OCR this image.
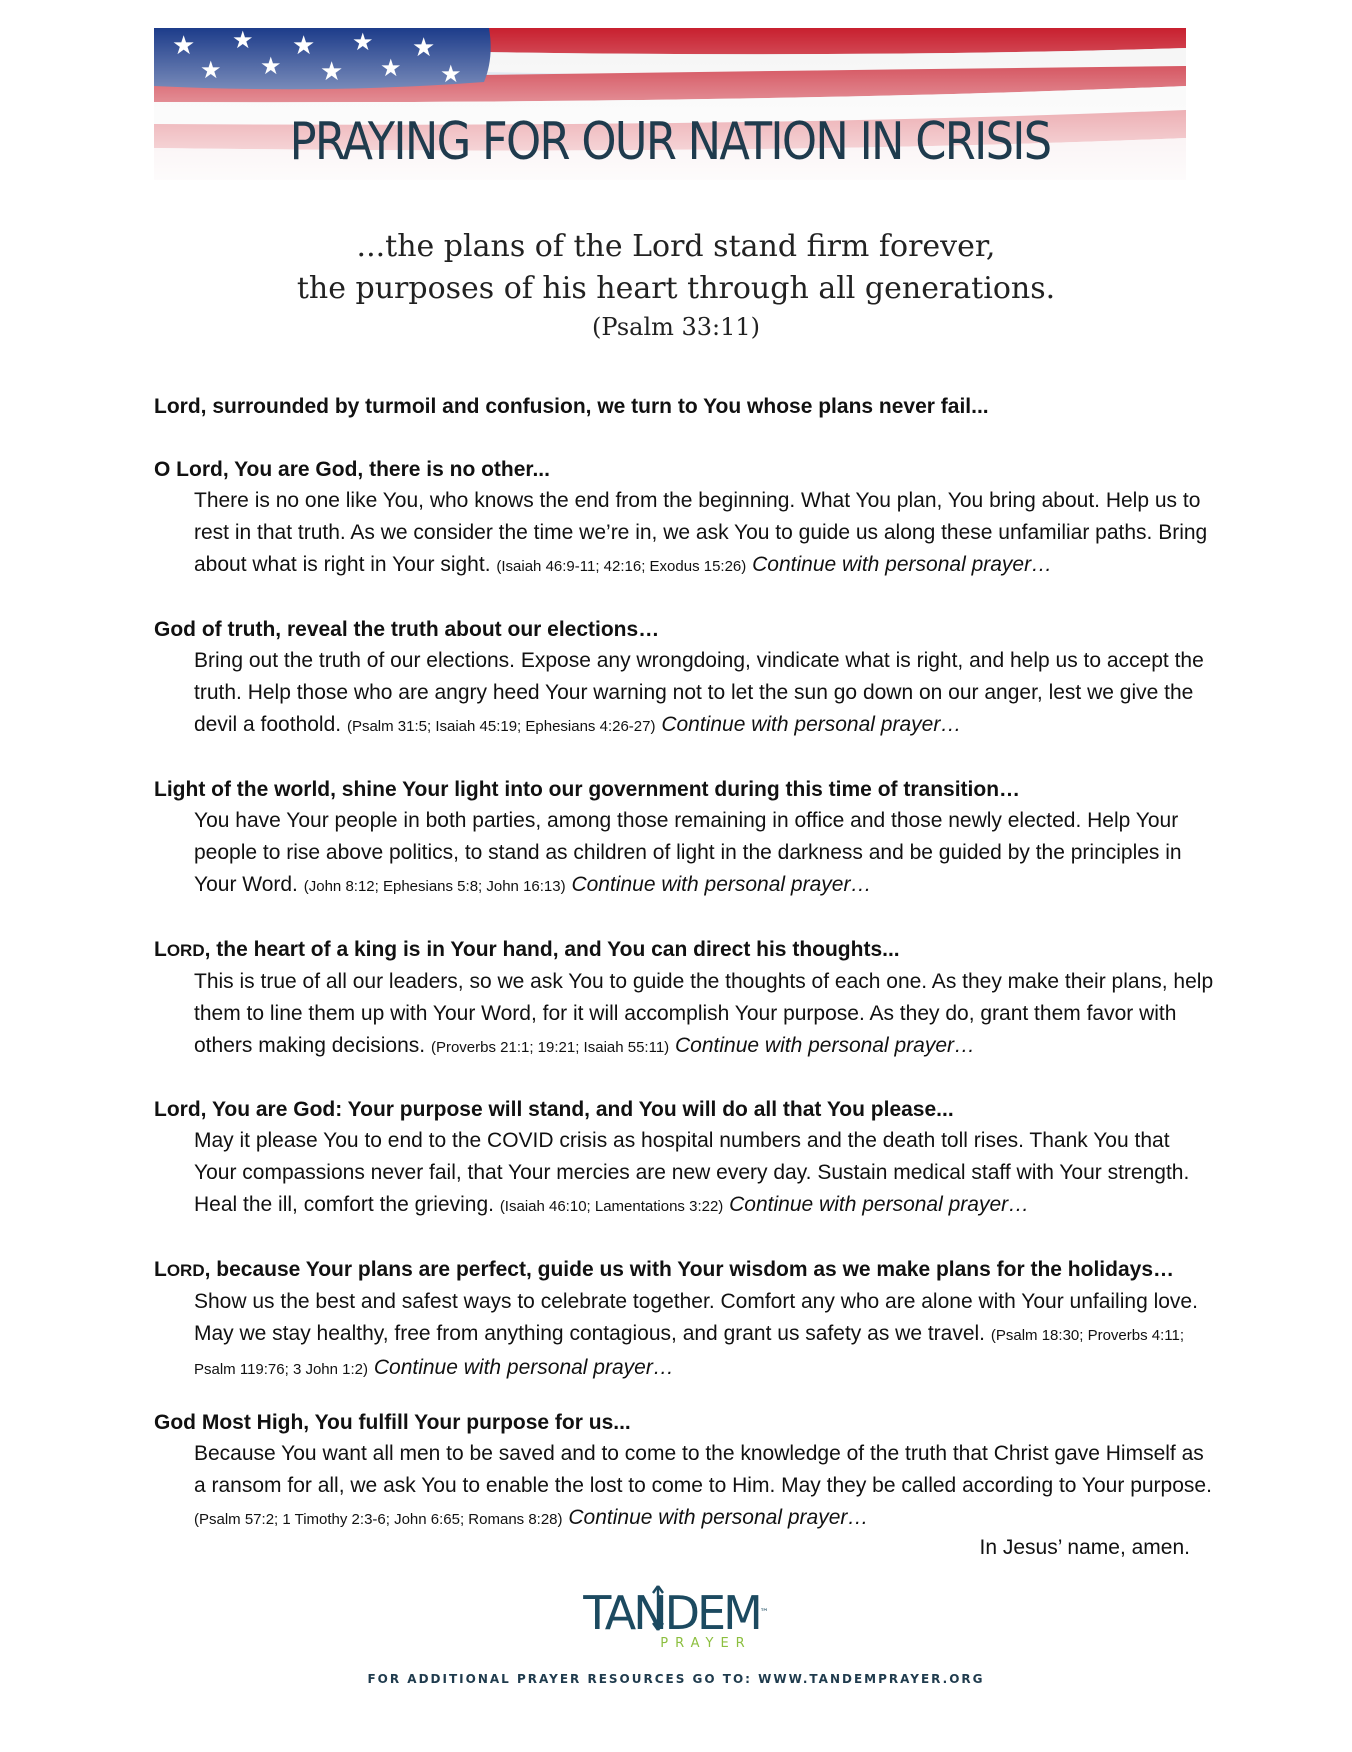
PRAYING FOR OUR NATION IN CRISIS
...the plans of the Lord stand firm forever,
the purposes of his heart through all generations.
(Psalm 33:11)
Lord, surrounded by turmoil and confusion, we turn to You whose plans never fail...
O Lord, You are God, there is no other...
There is no one like You, who knows the end from the beginning. What You plan, You bring about. Help us to rest in that truth. As we consider the time we’re in, we ask You to guide us along these unfamiliar paths. Bring about what is right in Your sight. (Isaiah 46:9-11; 42:16; Exodus 15:26) Continue with personal prayer…
God of truth, reveal the truth about our elections…
Bring out the truth of our elections. Expose any wrongdoing, vindicate what is right, and help us to accept the truth. Help those who are angry heed Your warning not to let the sun go down on our anger, lest we give the devil a foothold. (Psalm 31:5; Isaiah 45:19; Ephesians 4:26-27) Continue with personal prayer…
Light of the world, shine Your light into our government during this time of transition…
You have Your people in both parties, among those remaining in office and those newly elected. Help Your people to rise above politics, to stand as children of light in the darkness and be guided by the principles in Your Word. (John 8:12; Ephesians 5:8; John 16:13) Continue with personal prayer…
LORD, the heart of a king is in Your hand, and You can direct his thoughts...
This is true of all our leaders, so we ask You to guide the thoughts of each one. As they make their plans, help them to line them up with Your Word, for it will accomplish Your purpose. As they do, grant them favor with others making decisions. (Proverbs 21:1; 19:21; Isaiah 55:11) Continue with personal prayer…
Lord, You are God: Your purpose will stand, and You will do all that You please...
May it please You to end to the COVID crisis as hospital numbers and the death toll rises. Thank You that Your compassions never fail, that Your mercies are new every day. Sustain medical staff with Your strength. Heal the ill, comfort the grieving. (Isaiah 46:10; Lamentations 3:22) Continue with personal prayer…
LORD, because Your plans are perfect, guide us with Your wisdom as we make plans for the holidays…
Show us the best and safest ways to celebrate together. Comfort any who are alone with Your unfailing love. May we stay healthy, free from anything contagious, and grant us safety as we travel. (Psalm 18:30; Proverbs 4:11; Psalm 119:76; 3 John 1:2) Continue with personal prayer…
God Most High, You fulfill Your purpose for us...
Because You want all men to be saved and to come to the knowledge of the truth that Christ gave Himself as a ransom for all, we ask You to enable the lost to come to Him. May they be called according to Your purpose. (Psalm 57:2; 1 Timothy 2:3-6; John 6:65; Romans 8:28) Continue with personal prayer…
In Jesus’ name, amen.
TANDEM™
PRAYER
FOR ADDITIONAL PRAYER RESOURCES GO TO: WWW.TANDEMPRAYER.ORG
